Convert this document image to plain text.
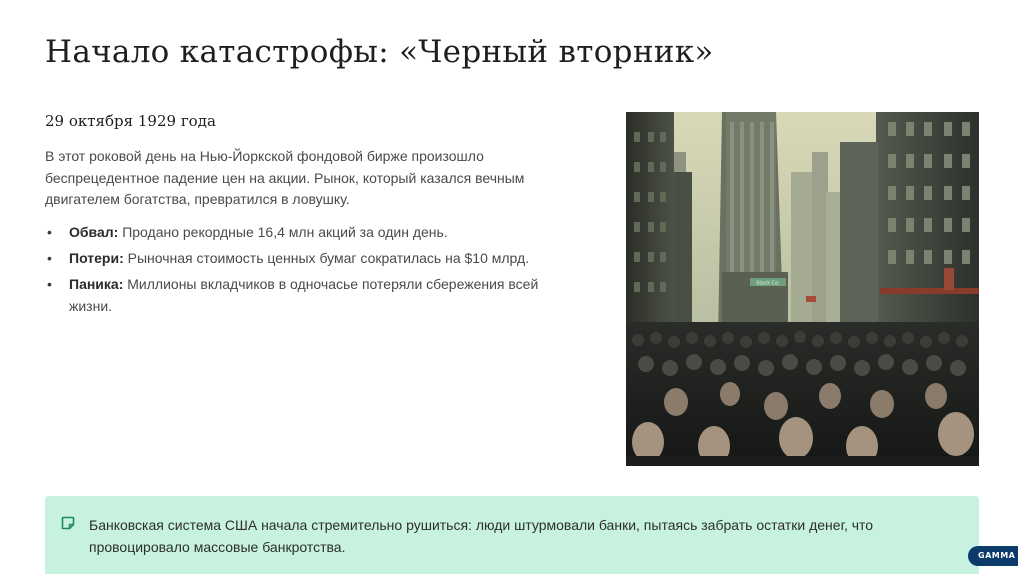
Начало катастрофы: «Черный вторник»
29 октября 1929 года

В этот роковой день на Нью-Йоркской фондовой бирже произошло беспрецедентное падение цен на акции. Рынок, который казался вечным двигателем богатства, превратился в ловушку.

• Обвал: Продано рекордные 16,4 млн акций за один день.
• Потери: Рыночная стоимость ценных бумаг сократилась на $10 млрд.
• Паника: Миллионы вкладчиков в одночасье потеряли сбережения всей жизни.
Stock Co.

Банковская система США начала стремительно рушиться: люди штурмовали банки, пытаясь забрать остатки денег, что провоцировало массовые банкротства.

GAMMA
